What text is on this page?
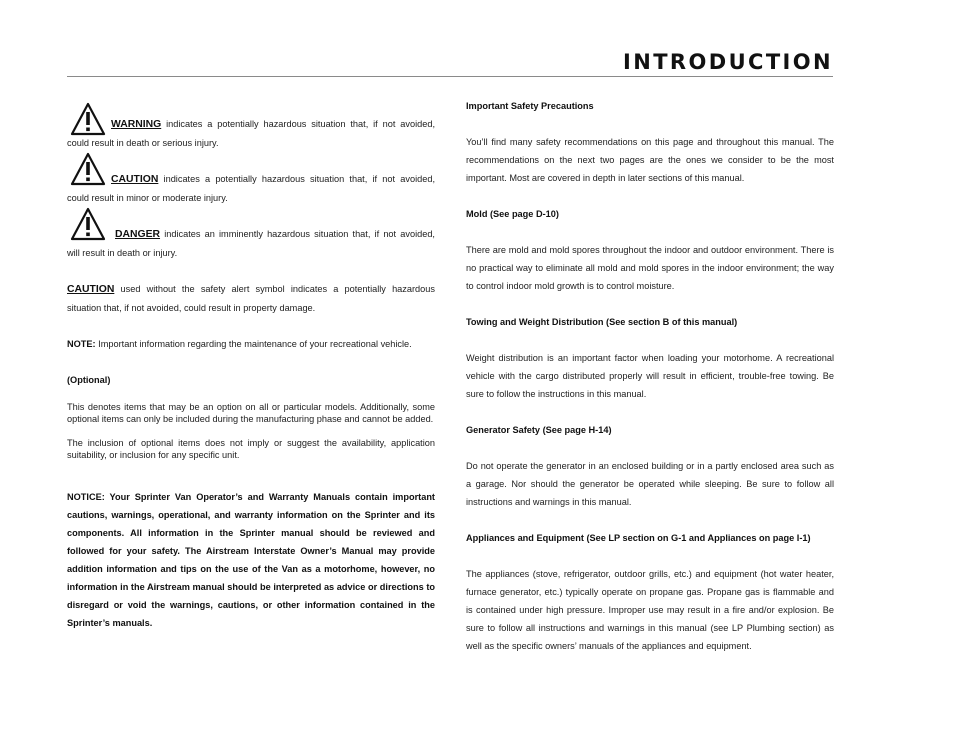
INTRODUCTION

WARNING indicates a potentially hazardous situation that, if not avoided, could result in death or serious injury.

CAUTION indicates a potentially hazardous situation that, if not avoided, could result in minor or moderate injury.

DANGER indicates an imminently hazardous situation that, if not avoided, will result in death or injury.

CAUTION used without the safety alert symbol indicates a potentially hazardous situation that, if not avoided, could result in property damage.

NOTE: Important information regarding the maintenance of your recreational vehicle.

(Optional)

This denotes items that may be an option on all or particular models. Additionally, some optional items can only be included during the manufacturing phase and cannot be added.

The inclusion of optional items does not imply or suggest the availability, application suitability, or inclusion for any specific unit.

NOTICE: Your Sprinter Van Operator’s and Warranty Manuals contain important cautions, warnings, operational, and warranty information on the Sprinter and its components. All information in the Sprinter manual should be reviewed and followed for your safety. The Airstream Interstate Owner’s Manual may provide addition information and tips on the use of the Van as a motorhome, however, no information in the Airstream manual should be interpreted as advice or directions to disregard or void the warnings, cautions, or other information contained in the Sprinter’s manuals.

Important Safety Precautions

You’ll find many safety recommendations on this page and throughout this manual. The recommendations on the next two pages are the ones we consider to be the most important. Most are covered in depth in later sections of this manual.

Mold (See page D-10)

There are mold and mold spores throughout the indoor and outdoor environment. There is no practical way to eliminate all mold and mold spores in the indoor environment; the way to control indoor mold growth is to control moisture.

Towing and Weight Distribution (See section B of this manual)

Weight distribution is an important factor when loading your motorhome. A recreational vehicle with the cargo distributed properly will result in efficient, trouble-free towing. Be sure to follow the instructions in this manual.

Generator Safety (See page H-14)

Do not operate the generator in an enclosed building or in a partly enclosed area such as a garage. Nor should the generator be operated while sleeping. Be sure to follow all instructions and warnings in this manual.

Appliances and Equipment (See LP section on G-1 and Appliances on page I-1)

The appliances (stove, refrigerator, outdoor grills, etc.) and equipment (hot water heater, furnace generator, etc.) typically operate on propane gas. Propane gas is flammable and is contained under high pressure. Improper use may result in a fire and/or explosion. Be sure to follow all instructions and warnings in this manual (see LP Plumbing section) as well as the specific owners’ manuals of the appliances and equipment.
